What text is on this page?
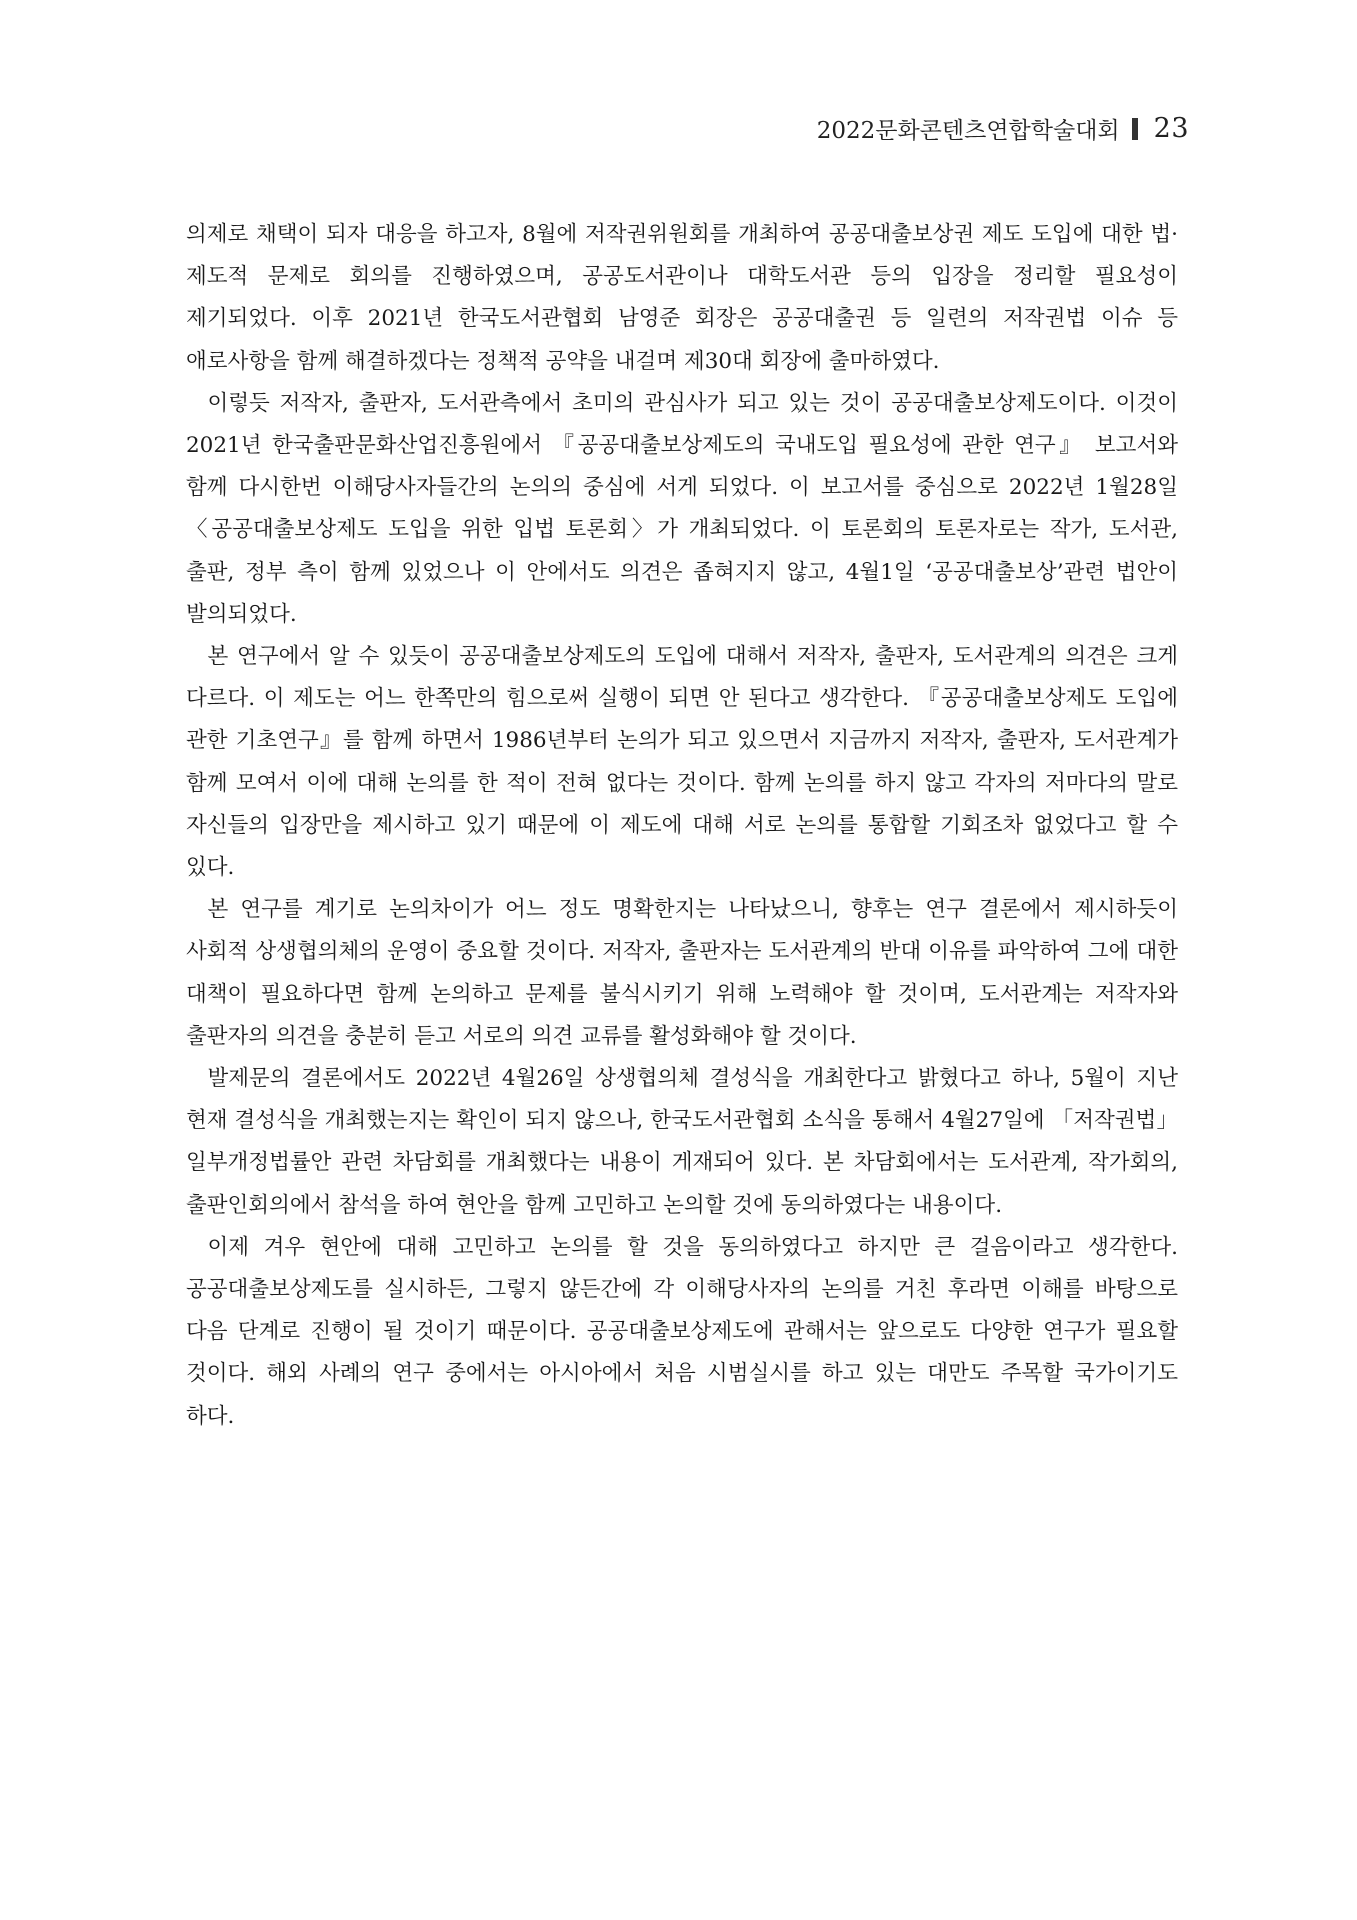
2022문화콘텐츠연합학술대회 23

의제로 채택이 되자 대응을 하고자, 8월에 저작권위원회를 개최하여 공공대출보상권 제도 도입에 대한 법·제도적 문제로 회의를 진행하였으며, 공공도서관이나 대학도서관 등의 입장을 정리할 필요성이 제기되었다. 이후 2021년 한국도서관협회 남영준 회장은 공공대출권 등 일련의 저작권법 이슈 등 애로사항을 함께 해결하겠다는 정책적 공약을 내걸며 제30대 회장에 출마하였다.

이렇듯 저작자, 출판자, 도서관측에서 초미의 관심사가 되고 있는 것이 공공대출보상제도이다. 이것이 2021년 한국출판문화산업진흥원에서 『공공대출보상제도의 국내도입 필요성에 관한 연구』 보고서와 함께 다시한번 이해당사자들간의 논의의 중심에 서게 되었다. 이 보고서를 중심으로 2022년 1월28일 〈공공대출보상제도 도입을 위한 입법 토론회〉가 개최되었다. 이 토론회의 토론자로는 작가, 도서관, 출판, 정부 측이 함께 있었으나 이 안에서도 의견은 좁혀지지 않고, 4월1일 ‘공공대출보상’관련 법안이 발의되었다.

본 연구에서 알 수 있듯이 공공대출보상제도의 도입에 대해서 저작자, 출판자, 도서관계의 의견은 크게 다르다. 이 제도는 어느 한쪽만의 힘으로써 실행이 되면 안 된다고 생각한다. 『공공대출보상제도 도입에 관한 기초연구』를 함께 하면서 1986년부터 논의가 되고 있으면서 지금까지 저작자, 출판자, 도서관계가 함께 모여서 이에 대해 논의를 한 적이 전혀 없다는 것이다. 함께 논의를 하지 않고 각자의 저마다의 말로 자신들의 입장만을 제시하고 있기 때문에 이 제도에 대해 서로 논의를 통합할 기회조차 없었다고 할 수 있다.

본 연구를 계기로 논의차이가 어느 정도 명확한지는 나타났으니, 향후는 연구 결론에서 제시하듯이 사회적 상생협의체의 운영이 중요할 것이다. 저작자, 출판자는 도서관계의 반대 이유를 파악하여 그에 대한 대책이 필요하다면 함께 논의하고 문제를 불식시키기 위해 노력해야 할 것이며, 도서관계는 저작자와 출판자의 의견을 충분히 듣고 서로의 의견 교류를 활성화해야 할 것이다.

발제문의 결론에서도 2022년 4월26일 상생협의체 결성식을 개최한다고 밝혔다고 하나, 5월이 지난 현재 결성식을 개최했는지는 확인이 되지 않으나, 한국도서관협회 소식을 통해서 4월27일에 「저작권법」일부개정법률안 관련 차담회를 개최했다는 내용이 게재되어 있다. 본 차담회에서는 도서관계, 작가회의, 출판인회의에서 참석을 하여 현안을 함께 고민하고 논의할 것에 동의하였다는 내용이다.

이제 겨우 현안에 대해 고민하고 논의를 할 것을 동의하였다고 하지만 큰 걸음이라고 생각한다. 공공대출보상제도를 실시하든, 그렇지 않든간에 각 이해당사자의 논의를 거친 후라면 이해를 바탕으로 다음 단계로 진행이 될 것이기 때문이다. 공공대출보상제도에 관해서는 앞으로도 다양한 연구가 필요할 것이다. 해외 사례의 연구 중에서는 아시아에서 처음 시범실시를 하고 있는 대만도 주목할 국가이기도 하다.
